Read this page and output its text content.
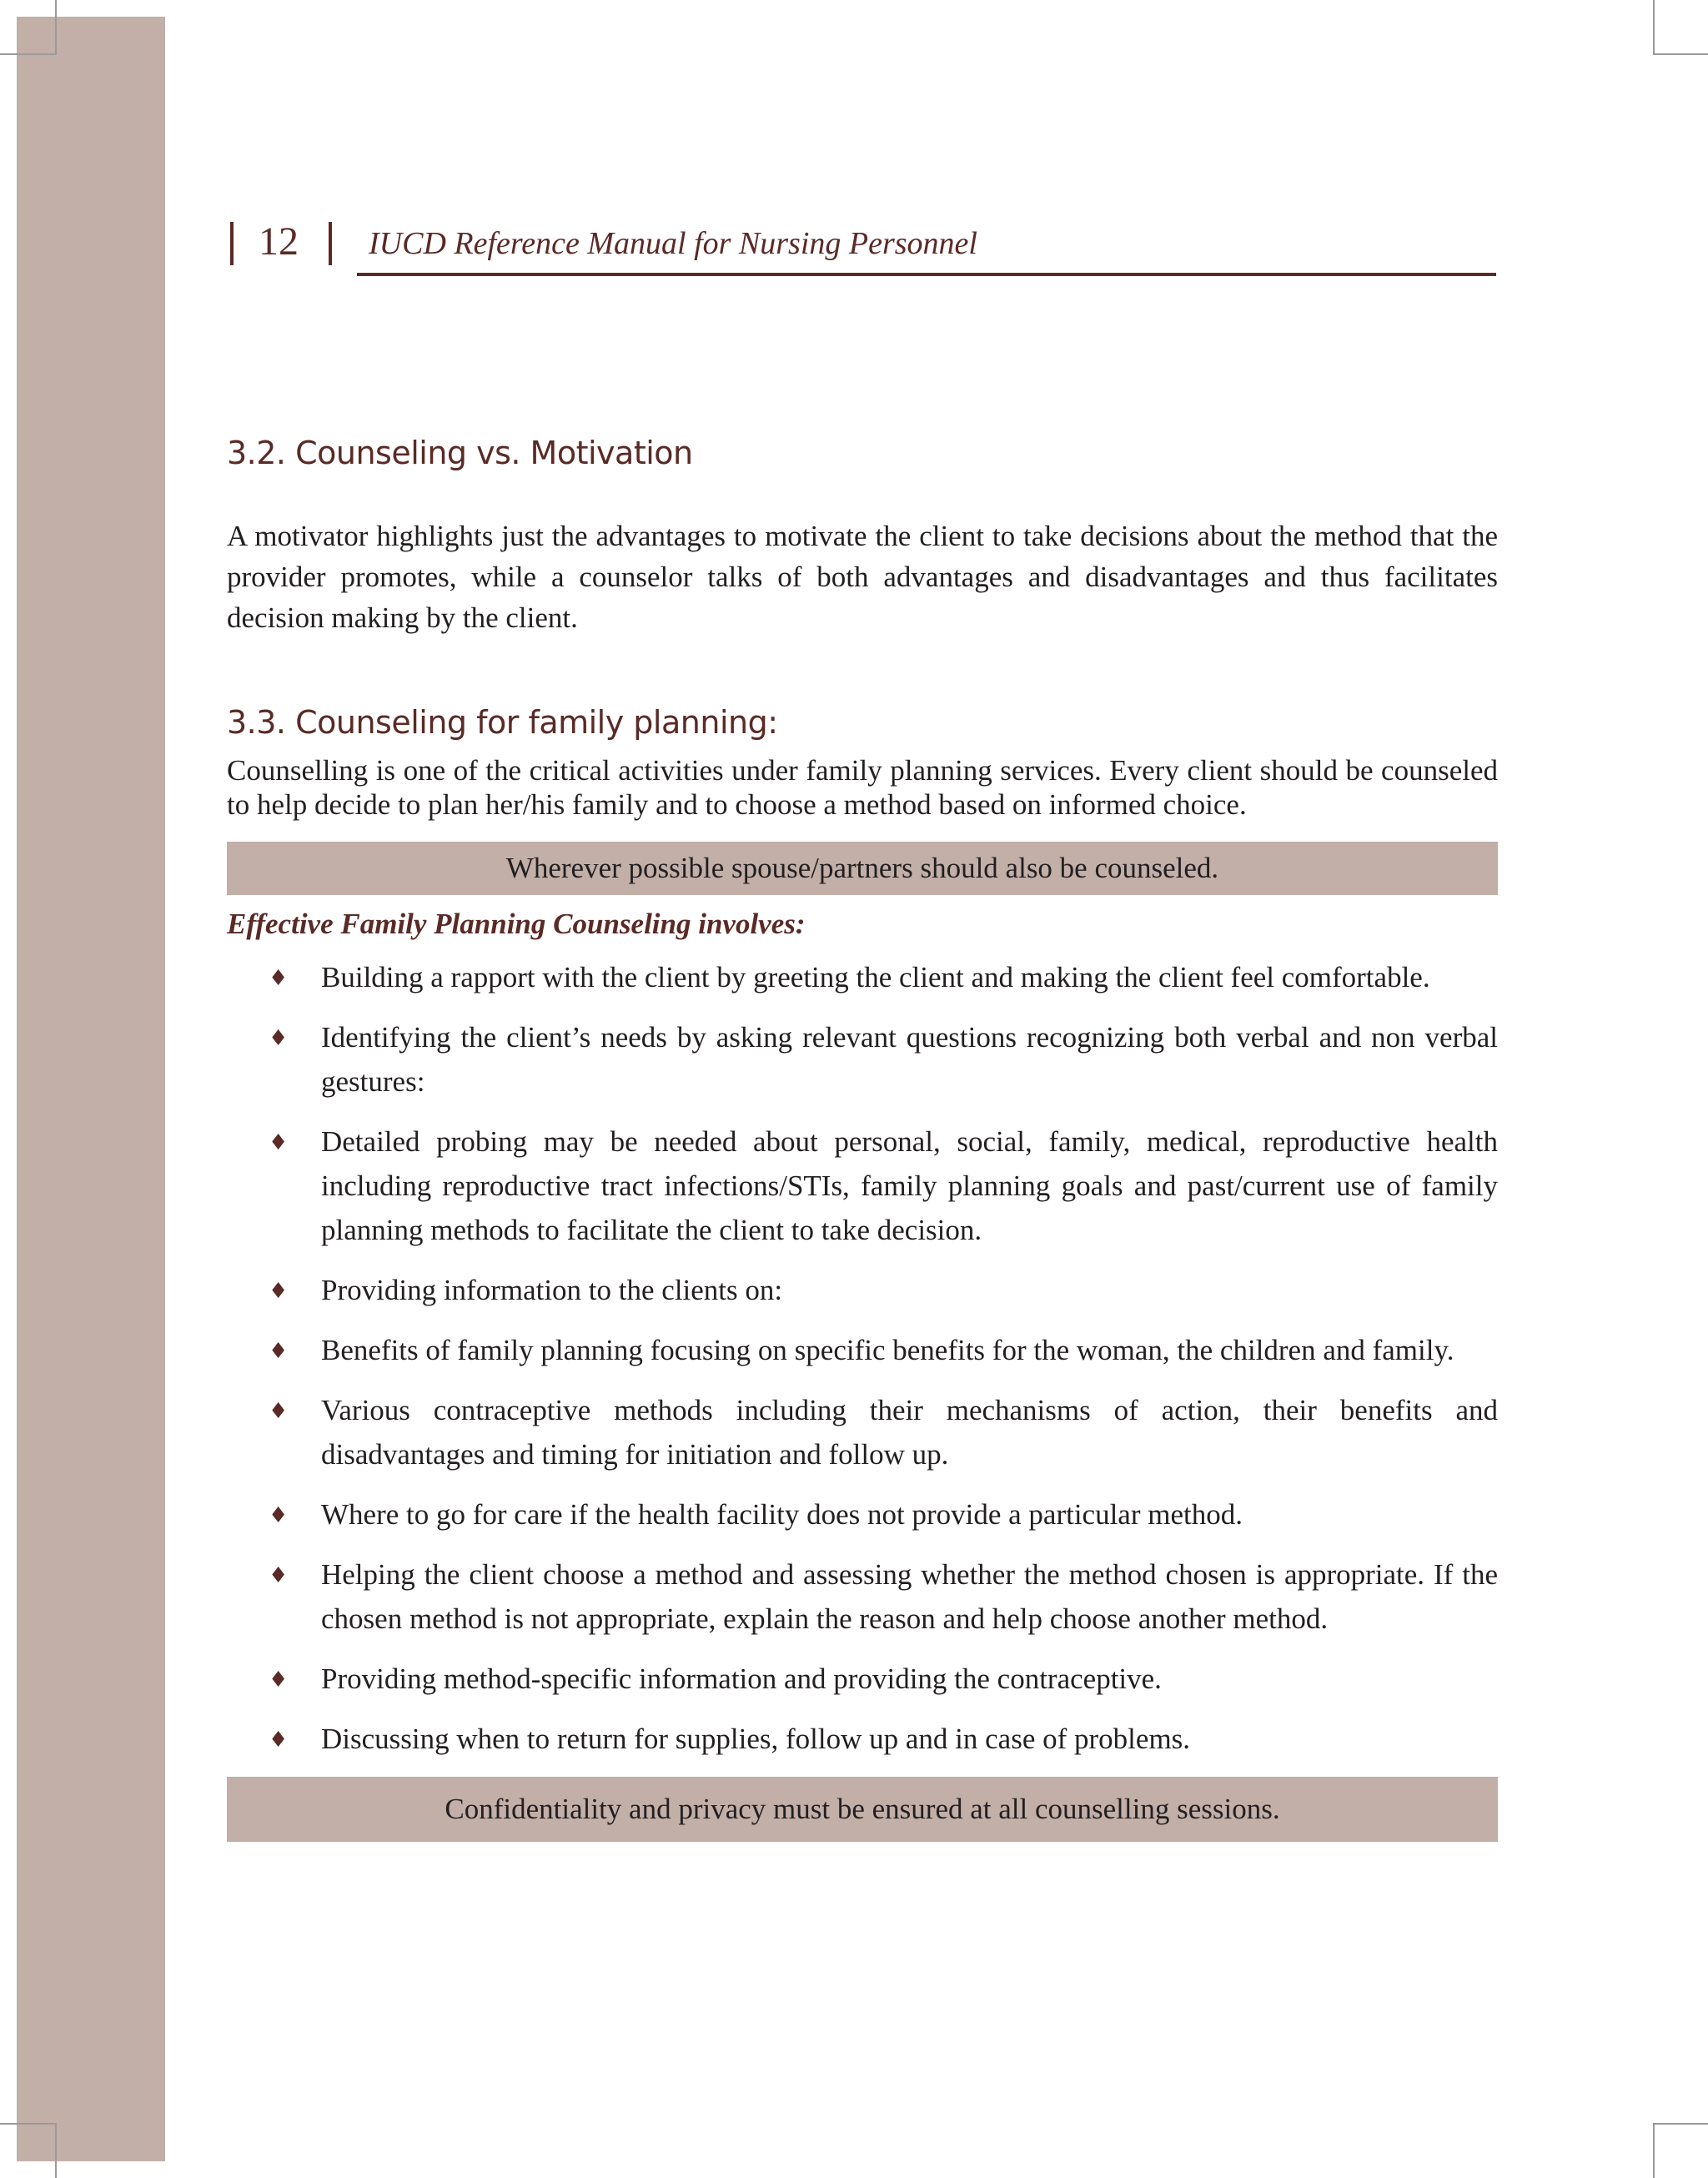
12 IUCD Reference Manual for Nursing Personnel
3.2. Counseling vs. Motivation

A motivator highlights just the advantages to motivate the client to take decisions about the method that the provider promotes, while a counselor talks of both advantages and disadvantages and thus facilitates decision making by the client.

3.3. Counseling for family planning:

Counselling is one of the critical activities under family planning services. Every client should be counseled to help decide to plan her/his family and to choose a method based on informed choice.

Wherever possible spouse/partners should also be counseled.

Effective Family Planning Counseling involves:

♦ Building a rapport with the client by greeting the client and making the client feel comfortable.
♦ Identifying the client’s needs by asking relevant questions recognizing both verbal and non verbal gestures:
♦ Detailed probing may be needed about personal, social, family, medical, reproductive health including reproductive tract infections/STIs, family planning goals and past/current use of family planning methods to facilitate the client to take decision.
♦ Providing information to the clients on:
♦ Benefits of family planning focusing on specific benefits for the woman, the children and family.
♦ Various contraceptive methods including their mechanisms of action, their benefits and disadvantages and timing for initiation and follow up.
♦ Where to go for care if the health facility does not provide a particular method.
♦ Helping the client choose a method and assessing whether the method chosen is appropriate. If the chosen method is not appropriate, explain the reason and help choose another method.
♦ Providing method-specific information and providing the contraceptive.
♦ Discussing when to return for supplies, follow up and in case of problems.
Confidentiality and privacy must be ensured at all counselling sessions.
